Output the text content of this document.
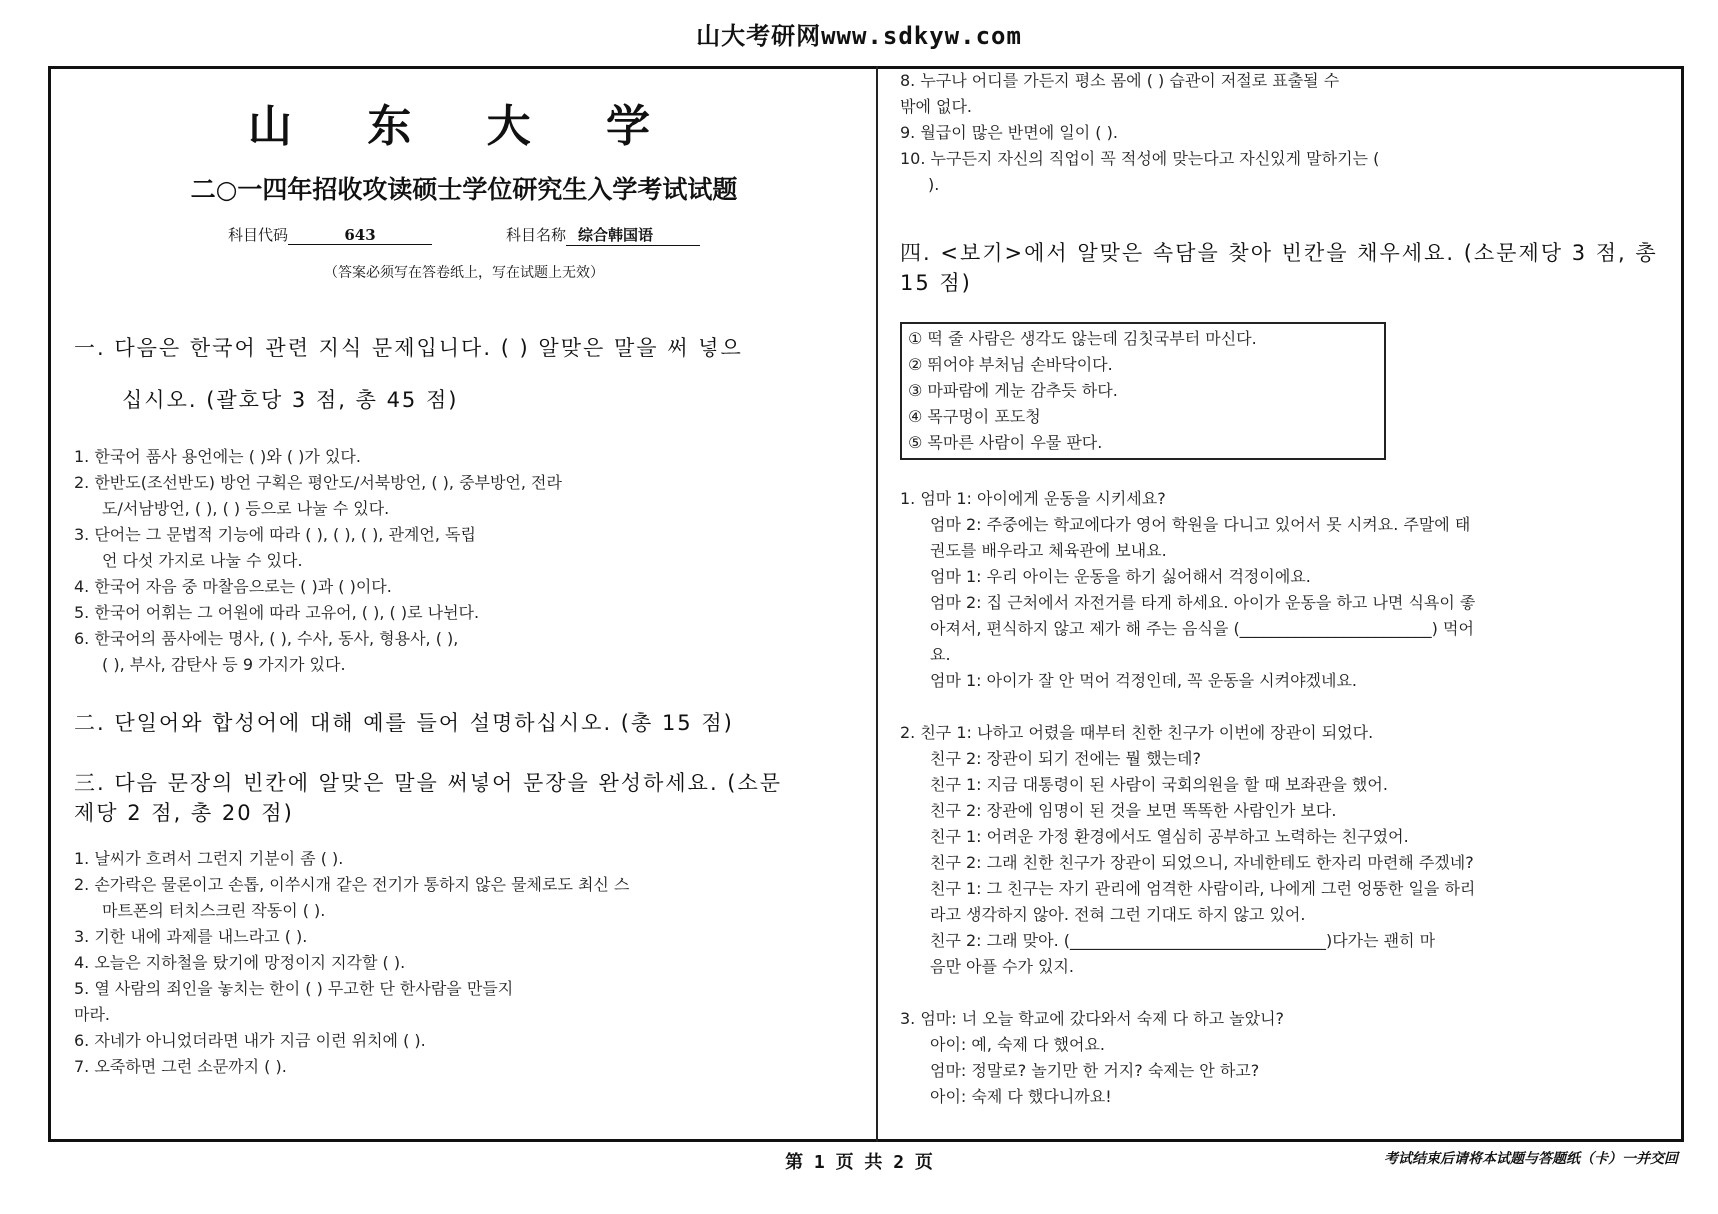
山大考研网www.sdkyw.com
山 东 大 学
二○一四年招收攻读硕士学位研究生入学考试试题
科目代码	643	科目名称 综合韩国语
（答案必须写在答卷纸上，写在试题上无效）
一. 다음은 한국어 관련 지식 문제입니다. ( ) 알맞은 말을 써 넣으
십시오. (괄호당 3 점, 총 45 점)
1. 한국어 품사 용언에는 ( )와 ( )가 있다.
2. 한반도(조선반도) 방언 구획은 평안도/서북방언, ( ), 중부방언, 전라
도/서남방언, ( ), ( ) 등으로 나눌 수 있다.
3. 단어는 그 문법적 기능에 따라 ( ), ( ), ( ), 관계언, 독립
언 다섯 가지로 나눌 수 있다.
4. 한국어 자음 중 마찰음으로는 ( )과 ( )이다.
5. 한국어 어휘는 그 어원에 따라 고유어, ( ), ( )로 나뉜다.
6. 한국어의 품사에는 명사, ( ), 수사, 동사, 형용사, ( ),
( ), 부사, 감탄사 등 9 가지가 있다.
二. 단일어와 합성어에 대해 예를 들어 설명하십시오. (총 15 점)
三. 다음 문장의 빈칸에 알맞은 말을 써넣어 문장을 완성하세요. (소문
제당 2 점, 총 20 점)
1. 날씨가 흐려서 그런지 기분이 좀 ( ).
2. 손가락은 물론이고 손톱, 이쑤시개 같은 전기가 통하지 않은 물체로도 최신 스
마트폰의 터치스크린 작동이 ( ).
3. 기한 내에 과제를 내느라고 ( ).
4. 오늘은 지하철을 탔기에 망정이지 지각할 ( ).
5. 열 사람의 죄인을 놓치는 한이 ( ) 무고한 단 한사람을 만들지
마라.
6. 자네가 아니었더라면 내가 지금 이런 위치에 ( ).
7. 오죽하면 그런 소문까지 ( ).
8. 누구나 어디를 가든지 평소 몸에 ( ) 습관이 저절로 표출될 수
밖에 없다.
9. 월급이 많은 반면에 일이 ( ).
10. 누구든지 자신의 직업이 꼭 적성에 맞는다고 자신있게 말하기는 (
).
四. <보기>에서 알맞은 속담을 찾아 빈칸을 채우세요. (소문제당 3 점, 총
15 점)
① 떡 줄 사람은 생각도 않는데 김칫국부터 마신다.
② 뛰어야 부처님 손바닥이다.
③ 마파람에 게눈 감추듯 하다.
④ 목구멍이 포도청
⑤ 목마른 사람이 우물 판다.
1. 엄마 1: 아이에게 운동을 시키세요?
엄마 2: 주중에는 학교에다가 영어 학원을 다니고 있어서 못 시켜요. 주말에 태
권도를 배우라고 체육관에 보내요.
엄마 1: 우리 아이는 운동을 하기 싫어해서 걱정이에요.
엄마 2: 집 근처에서 자전거를 타게 하세요. 아이가 운동을 하고 나면 식욕이 좋
아져서, 편식하지 않고 제가 해 주는 음식을 (________________________) 먹어
요.
엄마 1: 아이가 잘 안 먹어 걱정인데, 꼭 운동을 시켜야겠네요.
2. 친구 1: 나하고 어렸을 때부터 친한 친구가 이번에 장관이 되었다.
친구 2: 장관이 되기 전에는 뭘 했는데?
친구 1: 지금 대통령이 된 사람이 국회의원을 할 때 보좌관을 했어.
친구 2: 장관에 임명이 된 것을 보면 똑똑한 사람인가 보다.
친구 1: 어려운 가정 환경에서도 열심히 공부하고 노력하는 친구였어.
친구 2: 그래 친한 친구가 장관이 되었으니, 자네한테도 한자리 마련해 주겠네?
친구 1: 그 친구는 자기 관리에 엄격한 사람이라, 나에게 그런 엉뚱한 일을 하리
라고 생각하지 않아. 전혀 그런 기대도 하지 않고 있어.
친구 2: 그래 맞아. (________________________________)다가는 괜히 마
음만 아플 수가 있지.
3. 엄마: 너 오늘 학교에 갔다와서 숙제 다 하고 놀았니?
아이: 예, 숙제 다 했어요.
엄마: 정말로? 놀기만 한 거지? 숙제는 안 하고?
아이: 숙제 다 했다니까요!
第 1 页 共 2 页	考试结束后请将本试题与答题纸（卡）一并交回
